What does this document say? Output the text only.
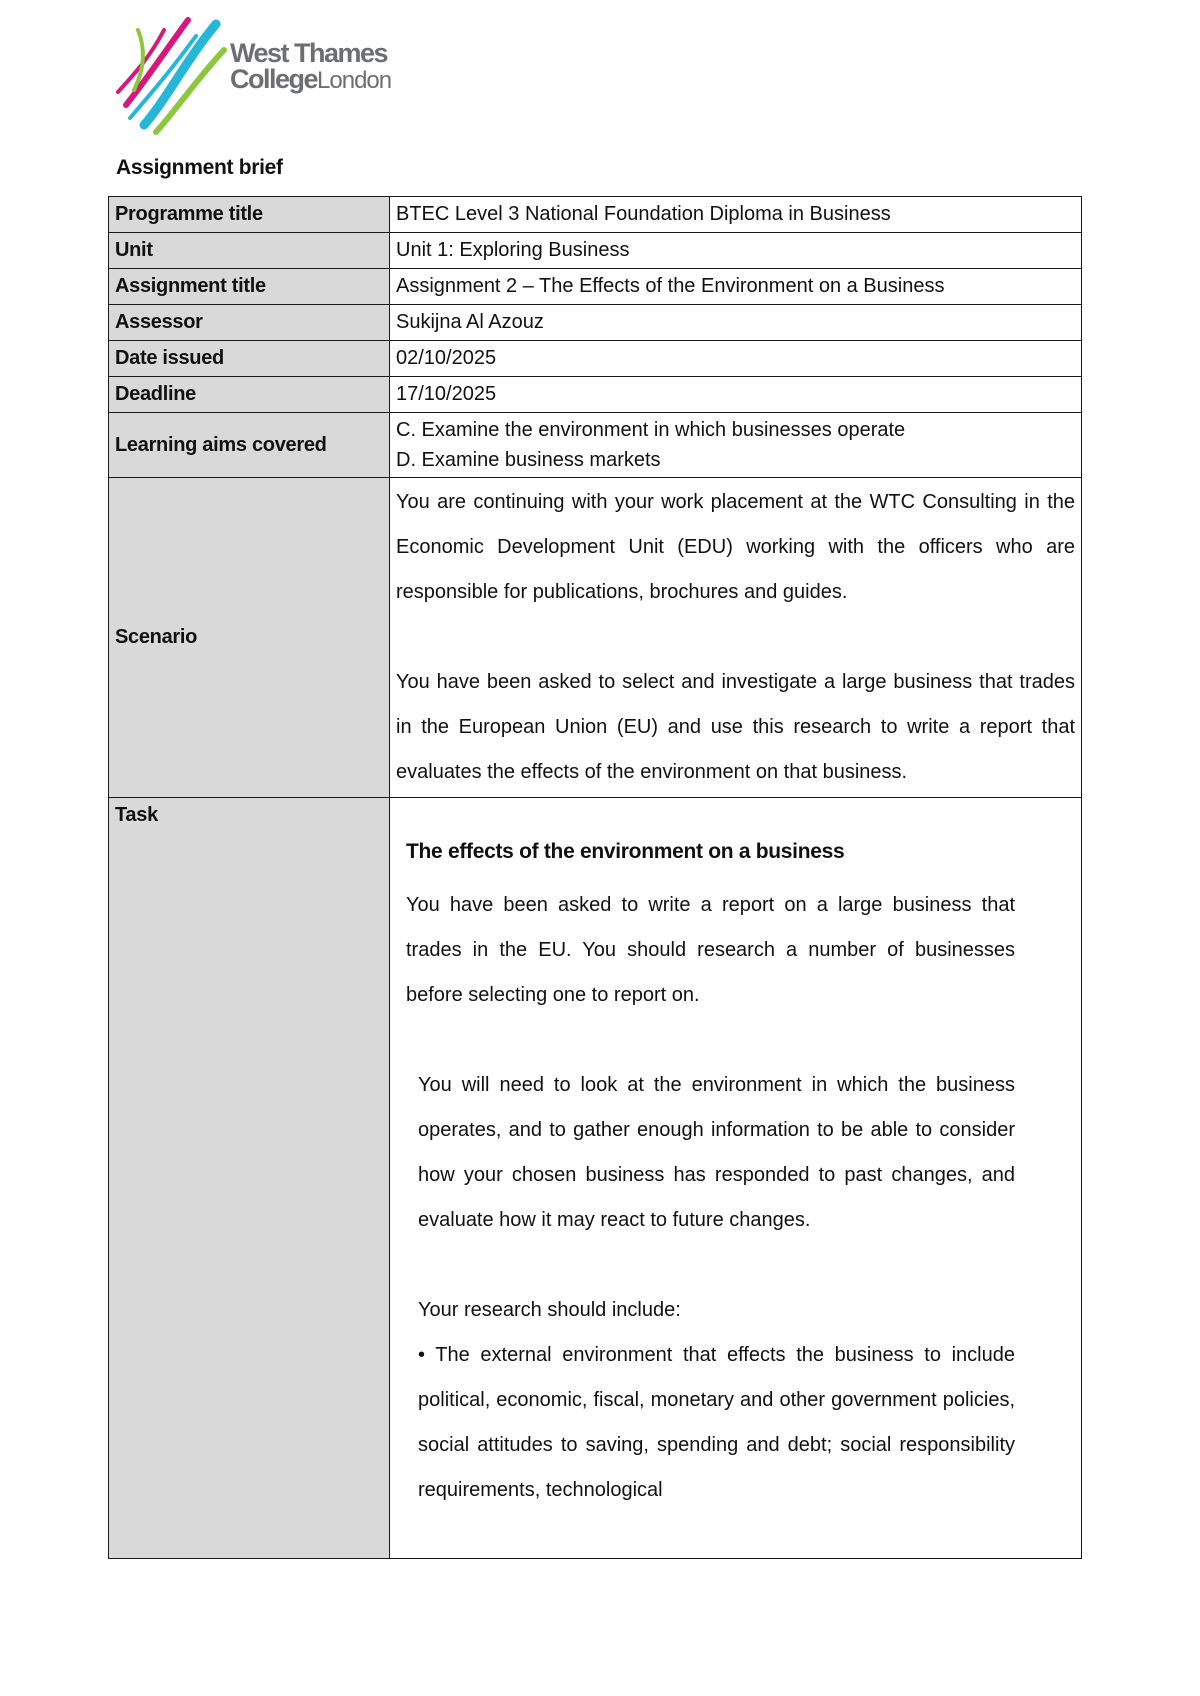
West Thames
CollegeLondon
Assignment brief
Programme title	BTEC Level 3 National Foundation Diploma in Business
Unit	Unit 1: Exploring Business
Assignment title	Assignment 2 – The Effects of the Environment on a Business
Assessor	Sukijna Al Azouz
Date issued	02/10/2025
Deadline	17/10/2025
Learning aims covered	C. Examine the environment in which businesses operate
D. Examine business markets

Scenario	You are continuing with your work placement at the WTC Consulting in the Economic Development Unit (EDU) working with the officers who are responsible for publications, brochures and guides.

You have been asked to select and investigate a large business that trades in the European Union (EU) and use this research to write a report that evaluates the effects of the environment on that business.

Task	The effects of the environment on a business
You have been asked to write a report on a large business that trades in the EU. You should research a number of businesses before selecting one to report on.
You will need to look at the environment in which the business operates, and to gather enough information to be able to consider how your chosen business has responded to past changes, and evaluate how it may react to future changes.
Your research should include:
• The external environment that effects the business to include political, economic, fiscal, monetary and other government policies, social attitudes to saving, spending and debt; social responsibility requirements, technological
